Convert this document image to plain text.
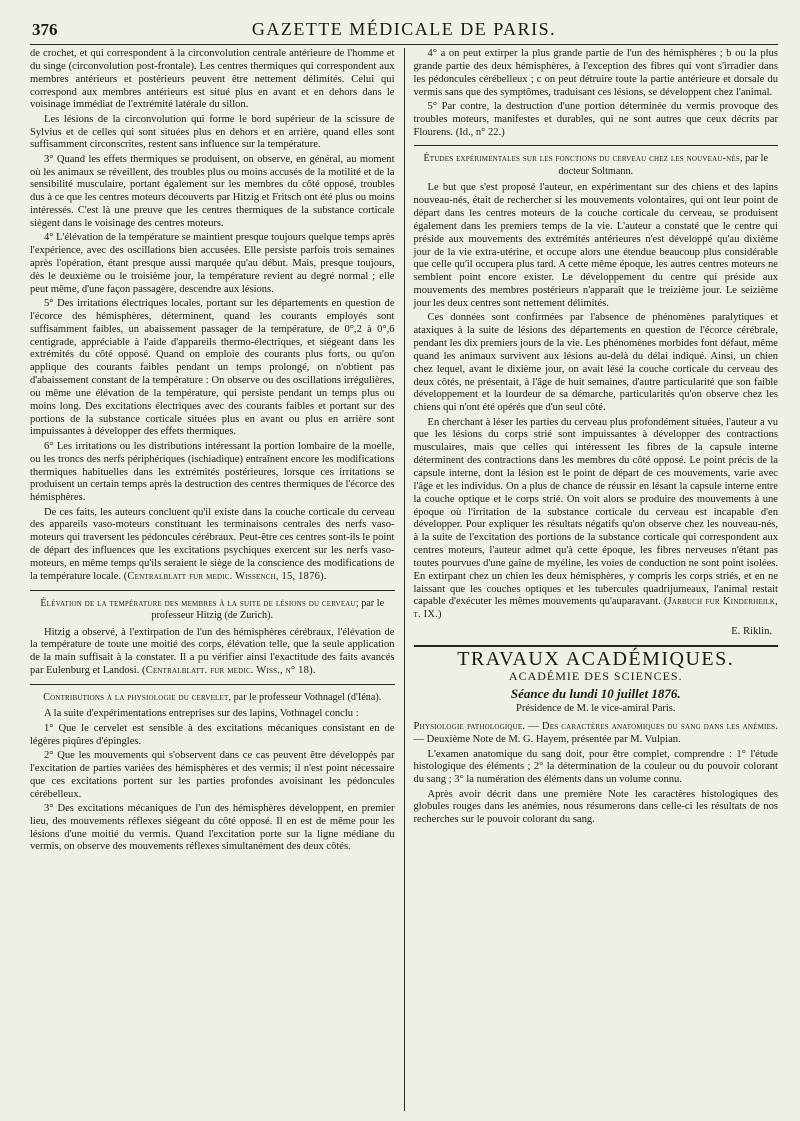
376	GAZETTE MÉDICALE DE PARIS.

de crochet, et qui correspondent à la circonvolution centrale antérieure de l'homme et du singe (circonvolution post-frontale). Les centres thermiques qui correspondent aux membres antérieurs et postérieurs peuvent être nettement délimités. Celui qui correspond aux membres antérieurs est situé plus en avant et en dehors dans le voisinage immédiat de l'extrémité latérale du sillon.

Les lésions de la circonvolution qui forme le bord supérieur de la scissure de Sylvius et de celles qui sont situées plus en dehors et en arrière, quand elles sont suffisamment circonscrites, restent sans influence sur la température.

3° Quand les effets thermiques se produisent, on observe, en général, au moment où les animaux se réveillent, des troubles plus ou moins accusés de la motilité et de la sensibilité musculaire, portant également sur les membres du côté opposé, troubles dus à ce que les centres moteurs découverts par Hitzig et Fritsch ont été plus ou moins intéressés. C'est là une preuve que les centres thermiques de la substance corticale siègent dans le voisinage des centres moteurs.

4° L'élévation de la température se maintient presque toujours quelque temps après l'expérience, avec des oscillations bien accusées. Elle persiste parfois trois semaines après l'opération, étant presque aussi marquée qu'au début. Mais, presque toujours, dès le deuxième ou le troisième jour, la température revient au degré normal ; elle peut même, d'une façon passagère, descendre aux lésions.

5° Des irritations électriques locales, portant sur les départements en question de l'écorce des hémisphères, déterminent, quand les courants employés sont suffisamment faibles, un abaissement passager de la température, de 0°,2 à 0°,6 centigrade, appréciable à l'aide d'appareils thermo-électriques, et siégeant dans les extrémités du côté opposé. Quand on emploie des courants plus forts, ou qu'on applique des courants faibles pendant un temps prolongé, on n'obtient pas d'abaissement constant de la température : On observe ou des oscillations irrégulières, ou même une élévation de la température, qui persiste pendant un temps plus ou moins long. Des excitations électriques avec des courants faibles et portant sur des portions de la substance corticale situées plus en avant ou plus en arrière sont impuissantes à développer des effets thermiques.

6° Les irritations ou les distributions intéressant la portion lombaire de la moelle, ou les troncs des nerfs périphériques (ischiadique) entraînent encore les modifications thermiques habituelles dans les extrémités postérieures, lorsque ces irritations se produisent un certain temps après la destruction des centres thermiques de l'écorce des hémisphères.

De ces faits, les auteurs concluent qu'il existe dans la couche corticale du cerveau des appareils vaso-moteurs constituant les terminaisons centrales des nerfs vaso-moteurs qui traversent les pédoncules cérébraux. Peut-être ces centres sont-ils le point de départ des influences que les excitations psychiques exercent sur les nerfs vaso-moteurs, en même temps qu'ils seraient le siège de la conscience des modifications de la température locale. (Centralblatt fur medic. Wissench, 15, 1876).

Élévation de la température des membres à la suite de lésions du cerveau; par le professeur Hitzig (de Zurich).

Hitzig a observé, à l'extirpation de l'un des hémisphères cérébraux, l'élévation de la température de toute une moitié des corps, élévation telle, que la seule application de la main suffisait à la constater. Il a pu vérifier ainsi l'exactitude des faits avancés par Eulenburg et Landosi. (Centralblatt. fur medic. Wiss., n° 18).

Contributions à la physiologie du cervelet, par le professeur Vothnagel (d'Iéna).

A la suite d'expérimentations entreprises sur des lapins, Vothnagel conclu :

1° Que le cervelet est sensible à des excitations mécaniques consistant en de légères piqûres d'épingles.

2° Que les mouvements qui s'observent dans ce cas peuvent être développés par l'excitation de parties variées des hémisphères et des vermis; il n'est point nécessaire que ces excitations portent sur les parties profondes avoisinant les pédoncules cérébelleux.

3° Des excitations mécaniques de l'un des hémisphères développent, en premier lieu, des mouvements réflexes siégeant du côté opposé. Il en est de même pour les lésions d'une moitié du vermis. Quand l'excitation porte sur la ligne médiane du vermis, on observe des mouvements réflexes simultanément des deux côtés.

4° a on peut extirper la plus grande partie de l'un des hémisphères ; b ou la plus grande partie des deux hémisphères, à l'exception des fibres qui vont s'irradier dans les pédoncules cérébelleux ; c on peut détruire toute la partie antérieure et dorsale du vermis sans que des symptômes, traduisant ces lésions, se développent chez l'animal.

5° Par contre, la destruction d'une portion déterminée du vermis provoque des troubles moteurs, manifestes et durables, qui ne sont autres que ceux décrits par Flourens. (Id., n° 22.)

Études expérimentales sur les fonctions du cerveau chez les nouveau-nés, par le docteur Soltmann.

Le but que s'est proposé l'auteur, en expérimentant sur des chiens et des lapins nouveau-nés, était de rechercher si les mouvements volontaires, qui ont leur point de départ dans les centres moteurs de la couche corticale du cerveau, se produisent également dans les premiers temps de la vie. L'auteur a constaté que le centre qui préside aux mouvements des extrémités antérieures n'est développé qu'au dixième jour de la vie extra-utérine, et occupe alors une étendue beaucoup plus considérable que celle qu'il occupera plus tard. A cette même époque, les autres centres moteurs ne semblent point encore exister. Le développement du centre qui préside aux mouvements des membres postérieurs n'apparaît que le treizième jour. Le seizième jour les deux centres sont nettement délimités.

Ces données sont confirmées par l'absence de phénomènes paralytiques et ataxiques à la suite de lésions des départements en question de l'écorce cérébrale, pendant les dix premiers jours de la vie. Les phénomènes morbides font défaut, même quand les animaux survivent aux lésions au-delà du délai indiqué. Ainsi, un chien chez lequel, avant le dixième jour, on avait lésé la couche corticale du cerveau des deux côtés, ne présentait, à l'âge de huit semaines, d'autre particularité que son faible développement et la lourdeur de sa démarche, particularités qu'on observe chez les chiens qui n'ont été opérés que d'un seul côté.

En cherchant à léser les parties du cerveau plus profondément situées, l'auteur a vu que les lésions du corps strié sont impuissantes à développer des contractions musculaires, mais que celles qui intéressent les fibres de la capsule interne déterminent des contractions dans les membres du côté opposé. Le point précis de la capsule interne, dont la lésion est le point de départ de ces mouvements, varie avec l'âge et les individus. On a plus de chance de réussir en lésant la capsule interne entre la couche optique et le corps strié. On voit alors se produire des mouvements à une époque où l'irritation de la substance corticale du cerveau est incapable d'en développer. Pour expliquer les résultats négatifs qu'on observe chez les nouveau-nés, à la suite de l'excitation des portions de la substance corticale qui correspondent aux centres moteurs, l'auteur admet qu'à cette époque, les fibres nerveuses n'étant pas toutes pourvues d'une gaîne de myéline, les voies de conduction ne sont point isolées. En extirpant chez un chien les deux hémisphères, y compris les corps striés, et en ne laissant que les couches optiques et les tubercules quadrijumeaux, l'animal restait capable d'exécuter les mêmes mouvements qu'auparavant. (Jarbuch fur Kinderheilk, t. IX.)

E. Riklin.

TRAVAUX ACADÉMIQUES.

ACADÉMIE DES SCIENCES.

Séance du lundi 10 juillet 1876.

Présidence de M. le vice-amiral Paris.

Physiologie pathologique. — Des caractères anatomiques du sang dans les anémies. — Deuxième Note de M. G. Hayem, présentée par M. Vulpian.

L'examen anatomique du sang doit, pour être complet, comprendre : 1° l'étude histologique des éléments ; 2° la détermination de la couleur ou du pouvoir colorant du sang ; 3° la numération des éléments dans un volume connu.

Après avoir décrit dans une première Note les caractères histologiques des globules rouges dans les anémies, nous résumerons dans celle-ci les résultats de nos recherches sur le pouvoir colorant du sang.
